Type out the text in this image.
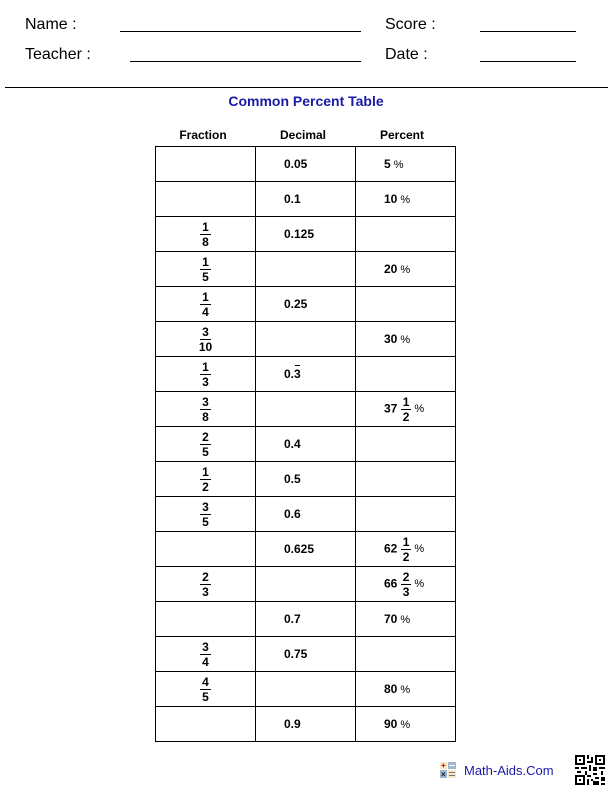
Name :	Score :
Teacher :	Date :
Common Percent Table
Fraction	Decimal	Percent
	0.05	5 %
	0.1	10 %

$\frac{1}{8}$	0.125	

$\frac{1}{5}$		20 %

$\frac{1}{4}$	0.25	

$\frac{3}{10}$		30 %

$\frac{1}{3}$	0.3	

$\frac{3}{8}$		$37 \frac{1}{2}$ %

$\frac{2}{5}$	0.4	

$\frac{1}{2}$	0.5	

$\frac{3}{5}$	0.6	
	0.625	$62 \frac{1}{2}$ %

$\frac{2}{3}$		$66 \frac{2}{3}$ %
	0.7	70 %

$\frac{3}{4}$	0.75	

$\frac{4}{5}$		80 %
	0.9	90 %
+
× Math-Aids.Com
